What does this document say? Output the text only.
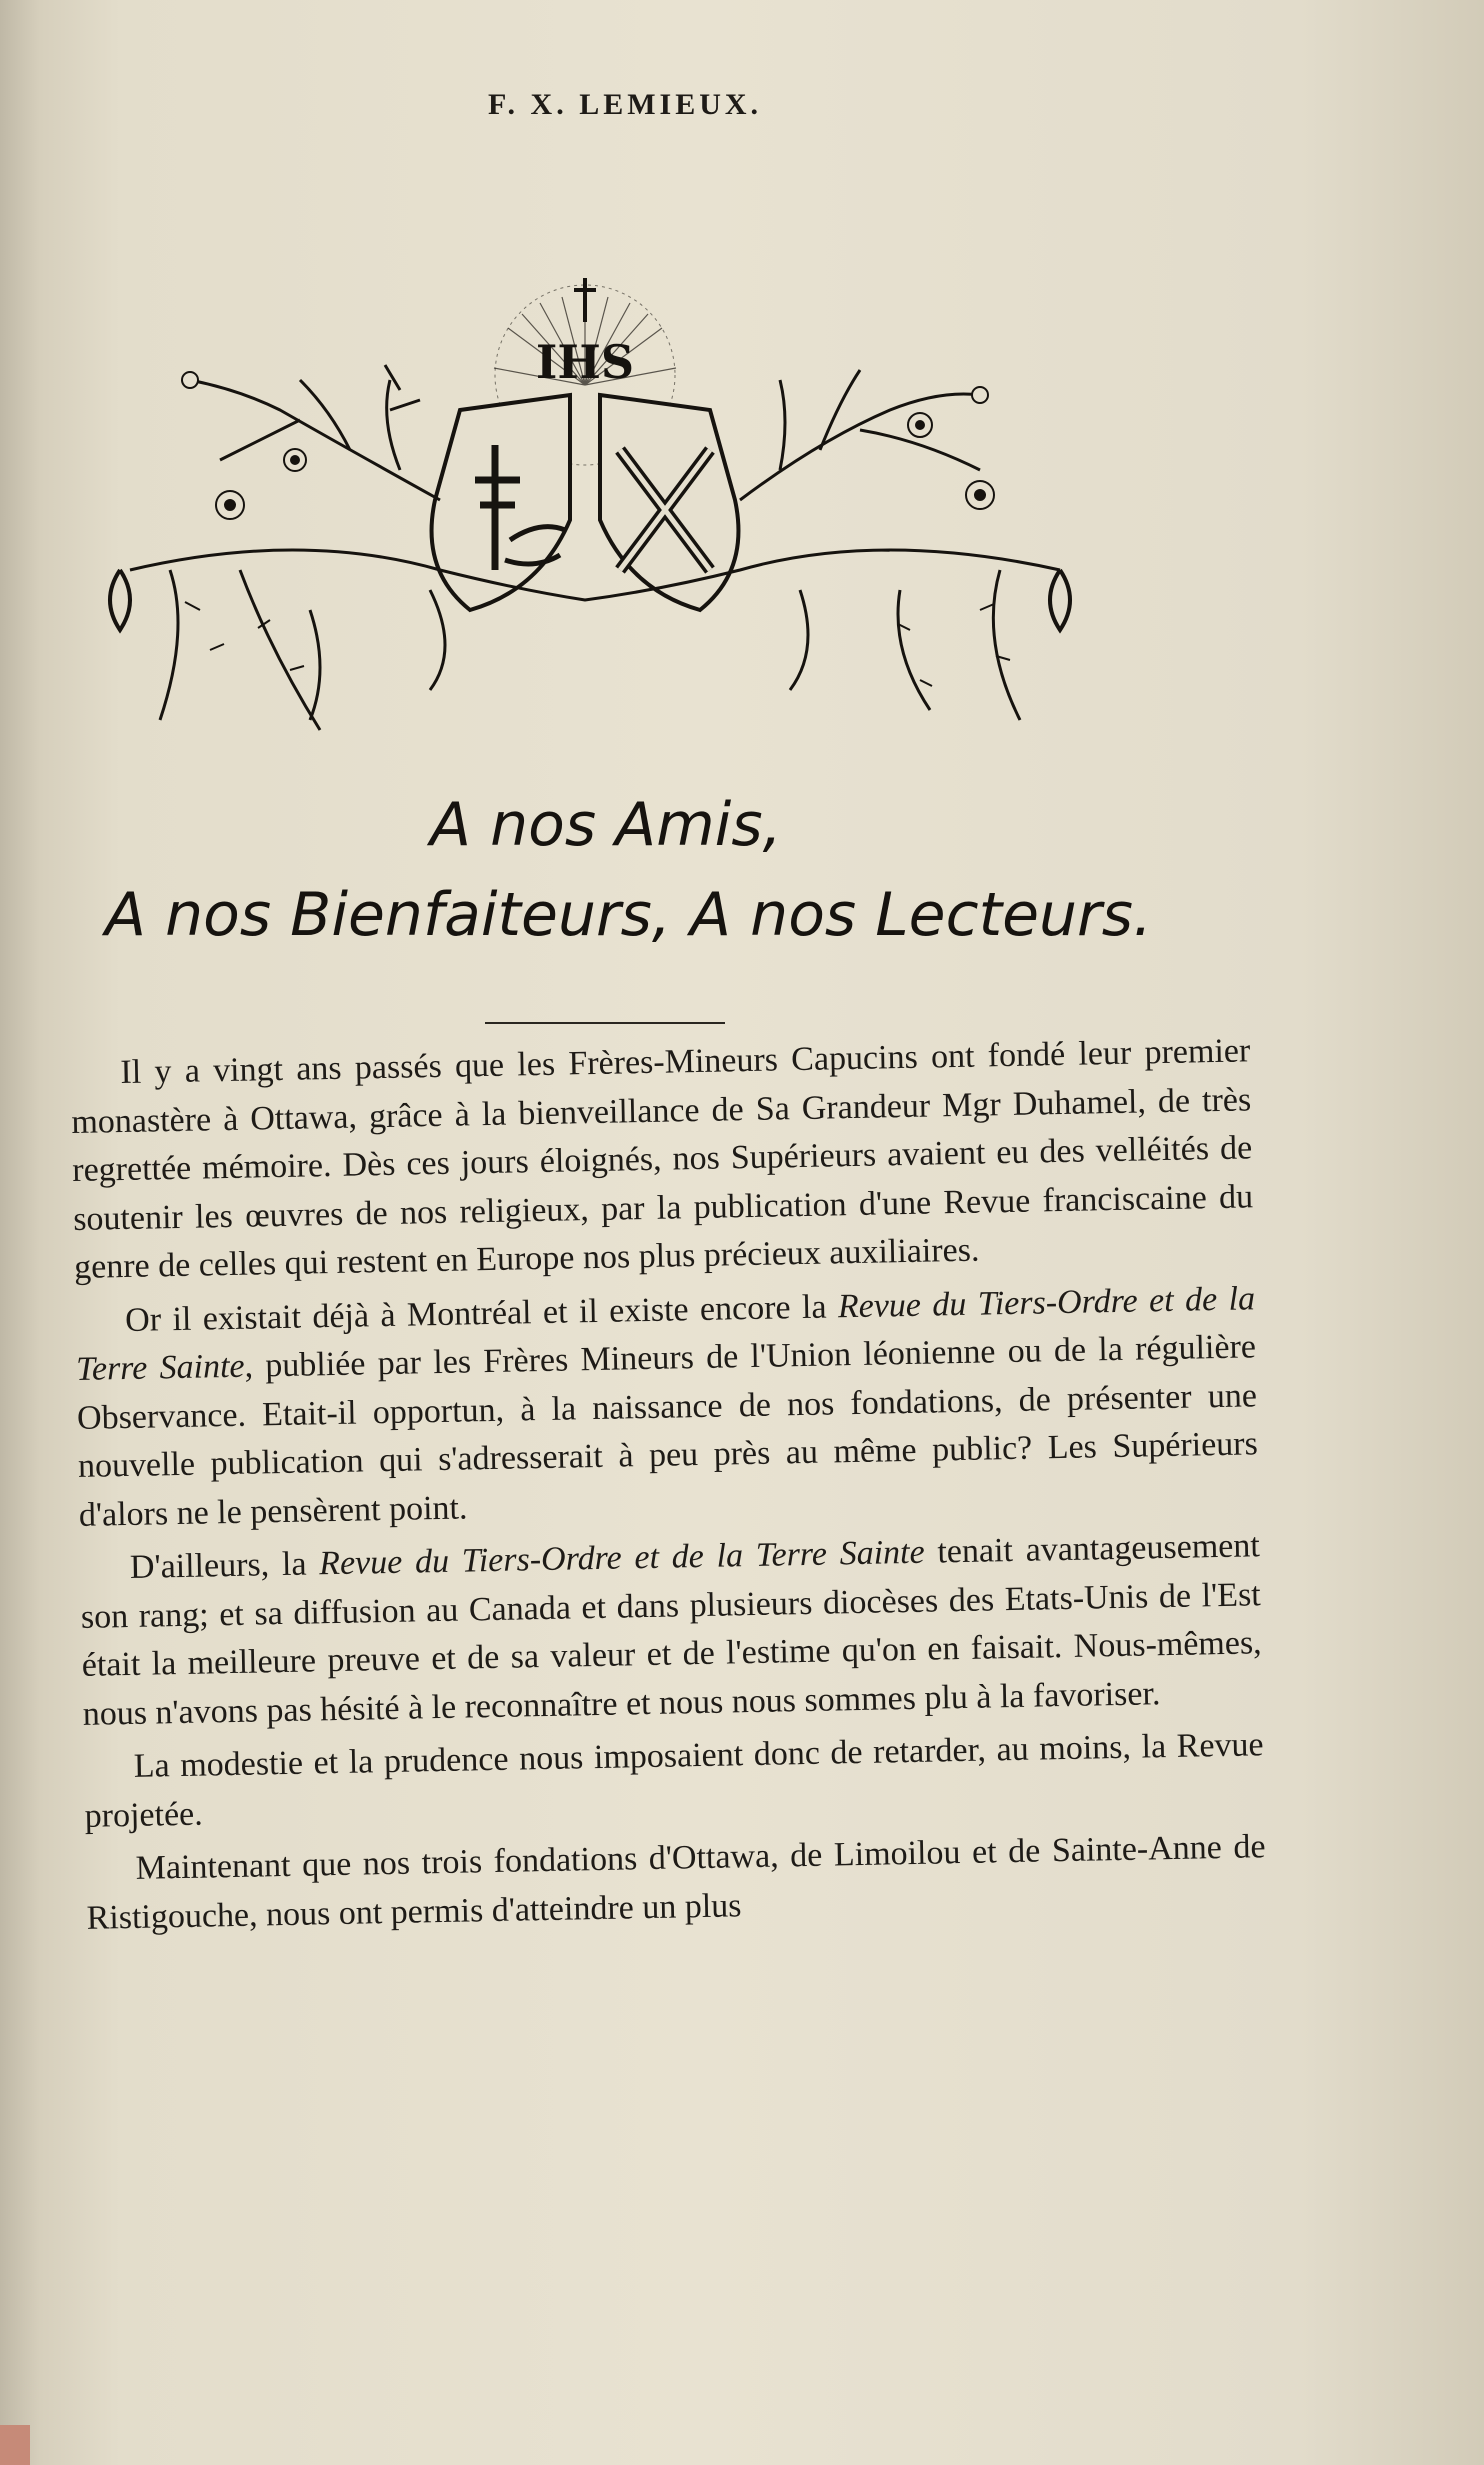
F. X. LEMIEUX.
IHS
A nos Amis,
A nos Bienfaiteurs, A nos Lecteurs.

Il y a vingt ans passés que les Frères-Mineurs Capucins ont fondé leur premier monastère à Ottawa, grâce à la bienveillance de Sa Grandeur Mgr Duhamel, de très regrettée mémoire. Dès ces jours éloignés, nos Supérieurs avaient eu des velléités de soutenir les œuvres de nos religieux, par la publication d'une Revue franciscaine du genre de celles qui restent en Europe nos plus précieux auxiliaires.

Or il existait déjà à Montréal et il existe encore la Revue du Tiers-Ordre et de la Terre Sainte, publiée par les Frères Mineurs de l'Union léonienne ou de la régulière Observance. Etait-il opportun, à la naissance de nos fondations, de présenter une nouvelle publication qui s'adresserait à peu près au même public? Les Supérieurs d'alors ne le pensèrent point.

D'ailleurs, la Revue du Tiers-Ordre et de la Terre Sainte tenait avantageusement son rang; et sa diffusion au Canada et dans plusieurs diocèses des Etats-Unis de l'Est était la meilleure preuve et de sa valeur et de l'estime qu'on en faisait. Nous-mêmes, nous n'avons pas hésité à le reconnaître et nous nous sommes plu à la favoriser.

La modestie et la prudence nous imposaient donc de retarder, au moins, la Revue projetée.

Maintenant que nos trois fondations d'Ottawa, de Limoilou et de Sainte-Anne de Ristigouche, nous ont permis d'atteindre un plus
